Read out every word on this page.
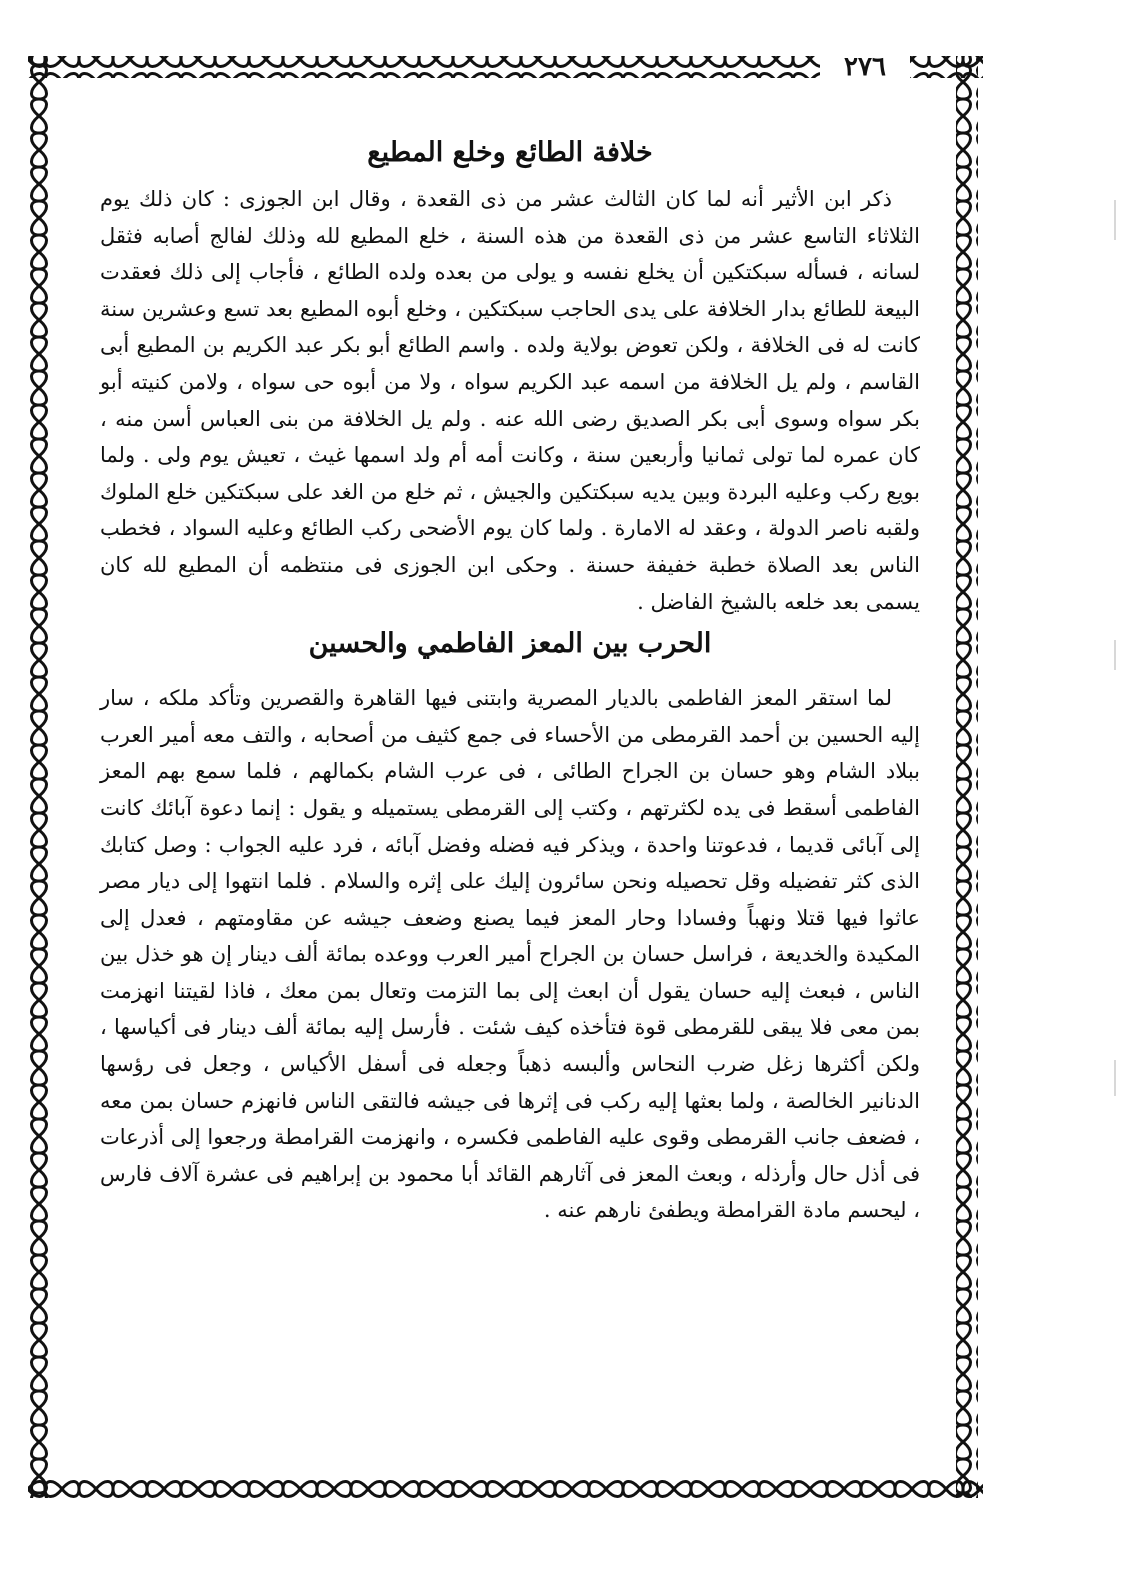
٢٧٦
خلافة الطائع وخلع المطيع

ذكر ابن الأثير أنه لما كان الثالث عشر من ذى القعدة ، وقال ابن الجوزى : كان ذلك يوم الثلاثاء التاسع عشر من ذى القعدة من هذه السنة ، خلع المطيع لله وذلك لفالج أصابه فثقل لسانه ، فسأله سبكتكين أن يخلع نفسه و يولى من بعده ولده الطائع ، فأجاب إلى ذلك فعقدت البيعة للطائع بدار الخلافة على يدى الحاجب سبكتكين ، وخلع أبوه المطيع بعد تسع وعشرين سنة كانت له فى الخلافة ، ولكن تعوض بولاية ولده . واسم الطائع أبو بكر عبد الكريم بن المطيع أبى القاسم ، ولم يل الخلافة من اسمه عبد الكريم سواه ، ولا من أبوه حى سواه ، ولامن كنيته أبو بكر سواه وسوى أبى بكر الصديق رضى الله عنه . ولم يل الخلافة من بنى العباس أسن منه ، كان عمره لما تولى ثمانيا وأربعين سنة ، وكانت أمه أم ولد اسمها غيث ، تعيش يوم ولى . ولما بويع ركب وعليه البردة وبين يديه سبكتكين والجيش ، ثم خلع من الغد على سبكتكين خلع الملوك ولقبه ناصر الدولة ، وعقد له الامارة . ولما كان يوم الأضحى ركب الطائع وعليه السواد ، فخطب الناس بعد الصلاة خطبة خفيفة حسنة . وحكى ابن الجوزى فى منتظمه أن المطيع لله كان يسمى بعد خلعه بالشيخ الفاضل .

الحرب بين المعز الفاطمي والحسين

لما استقر المعز الفاطمى بالديار المصرية وابتنى فيها القاهرة والقصرين وتأكد ملكه ، سار إليه الحسين بن أحمد القرمطى من الأحساء فى جمع كثيف من أصحابه ، والتف معه أمير العرب ببلاد الشام وهو حسان بن الجراح الطائى ، فى عرب الشام بكمالهم ، فلما سمع بهم المعز الفاطمى أسقط فى يده لكثرتهم ، وكتب إلى القرمطى يستميله و يقول : إنما دعوة آبائك كانت إلى آبائى قديما ، فدعوتنا واحدة ، ويذكر فيه فضله وفضل آبائه ، فرد عليه الجواب : وصل كتابك الذى كثر تفضيله وقل تحصيله ونحن سائرون إليك على إثره والسلام . فلما انتهوا إلى ديار مصر عاثوا فيها قتلا ونهباً وفسادا وحار المعز فيما يصنع وضعف جيشه عن مقاومتهم ، فعدل إلى المكيدة والخديعة ، فراسل حسان بن الجراح أمير العرب ووعده بمائة ألف دينار إن هو خذل بين الناس ، فبعث إليه حسان يقول أن ابعث إلى بما التزمت وتعال بمن معك ، فاذا لقيتنا انهزمت بمن معى فلا يبقى للقرمطى قوة فتأخذه كيف شئت . فأرسل إليه بمائة ألف دينار فى أكياسها ، ولكن أكثرها زغل ضرب النحاس وألبسه ذهباً وجعله فى أسفل الأكياس ، وجعل فى رؤسها الدنانير الخالصة ، ولما بعثها إليه ركب فى إثرها فى جيشه فالتقى الناس فانهزم حسان بمن معه ، فضعف جانب القرمطى وقوى عليه الفاطمى فكسره ، وانهزمت القرامطة ورجعوا إلى أذرعات فى أذل حال وأرذله ، وبعث المعز فى آثارهم القائد أبا محمود بن إبراهيم فى عشرة آلاف فارس ، ليحسم مادة القرامطة ويطفئ نارهم عنه .
